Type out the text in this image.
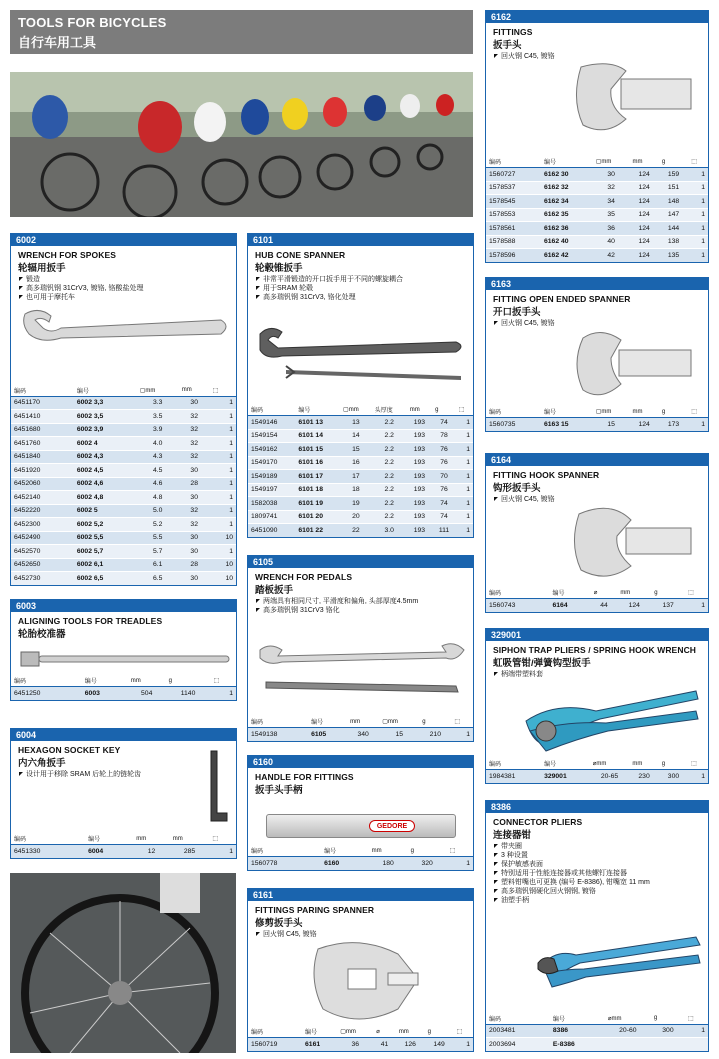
TOOLS FOR BICYCLES
自行车用工具
6002
WRENCH FOR SPOKES
轮辐用扳手
锻造
高多瑞钒钢 31CrV3, 镀铬, 铬酸盐处理
也可用于摩托车
编码	编号	▢mm	mm	⬚
6451170	6002 3,3	3.3	30	1
6451410	6002 3,5	3.5	32	1
6451680	6002 3,9	3.9	32	1
6451760	6002 4	4.0	32	1
6451840	6002 4,3	4.3	32	1
6451920	6002 4,5	4.5	30	1
6452060	6002 4,6	4.6	28	1
6452140	6002 4,8	4.8	30	1
6452220	6002 5	5.0	32	1
6452300	6002 5,2	5.2	32	1
6452490	6002 5,5	5.5	30	10
6452570	6002 5,7	5.7	30	1
6452650	6002 6,1	6.1	28	10
6452730	6002 6,5	6.5	30	10
6003
ALIGNING TOOLS FOR TREADLES
轮胎校准器
编码	编号	mm	g	⬚
6451250	6003	504	1140	1
6004
HEXAGON SOCKET KEY
内六角扳手
设计用于移除 SRAM 后轮上的链轮齿
编码	编号	mm	mm	⬚
6451330	6004	12	285	1
6101
HUB CONE SPANNER
轮毂锥扳手
非常平滑锻造的开口扳手用于不同的螺旋耦合
用于SRAM 轮毂
高多瑞钒钢 31CrV3, 铬化处理
编码	编号	▢mm	头厚度	mm	g	⬚
1549146	6101 13	13	2.2	193	74	1
1549154	6101 14	14	2.2	193	78	1
1549162	6101 15	15	2.2	193	76	1
1549170	6101 16	16	2.2	193	76	1
1549189	6101 17	17	2.2	193	70	1
1549197	6101 18	18	2.2	193	76	1
1582038	6101 19	19	2.2	193	74	1
1809741	6101 20	20	2.2	193	74	1
6451090	6101 22	22	3.0	193	111	1
6105
WRENCH FOR PEDALS
踏板扳手
两端具有相同尺寸, 平滑度和偏角, 头部厚度4.5mm
高多瑞钒钢 31CrV3 铬化
编码	编号	mm	▢mm	g	⬚
1549138	6105	340	15	210	1
6160
HANDLE FOR FITTINGS
扳手头手柄
GEDORE
编码	编号	mm	g	⬚
1560778	6160	180	320	1
6161
FITTINGS PARING SPANNER
修剪扳手头
回火钢 C45, 镀铬
编码	编号	▢mm	⌀	mm	g	⬚
1560719	6161	36	41	126	149	1
6162
FITTINGS
扳手头
回火钢 C45, 镀铬
编码	编号	▢mm	mm	g	⬚
1560727	6162 30	30	124	159	1
1578537	6162 32	32	124	151	1
1578545	6162 34	34	124	148	1
1578553	6162 35	35	124	147	1
1578561	6162 36	36	124	144	1
1578588	6162 40	40	124	138	1
1578596	6162 42	42	124	135	1
6163
FITTING OPEN ENDED SPANNER
开口扳手头
回火钢 C45, 镀铬
编码	编号	▢mm	mm	g	⬚
1560735	6163 15	15	124	173	1
6164
FITTING HOOK SPANNER
钩形扳手头
回火钢 C45, 镀铬
编码	编号	⌀	mm	g	⬚
1560743	6164	44	124	137	1
329001
SIPHON TRAP PLIERS / SPRING HOOK WRENCH
虹吸管钳/弹簧钩型扳手
柄端带塑料套
编码	编号	⌀mm	mm	g	⬚
1984381	329001	20-65	230	300	1
8386
CONNECTOR PLIERS
连接器钳
带夹圈
3 种设置
保护敏感表面
特别适用于性能连接器或其他螺钉连接器
塑料钳嘴也可更换 (编号 E-8386), 钳嘴宽 11 mm
高多瑞钒钢硬化回火钢钢, 镀铬
油塑手柄
编码	编号	⌀mm	g	⬚
2003481	8386	20-60	300	1
2003694	E-8386			
